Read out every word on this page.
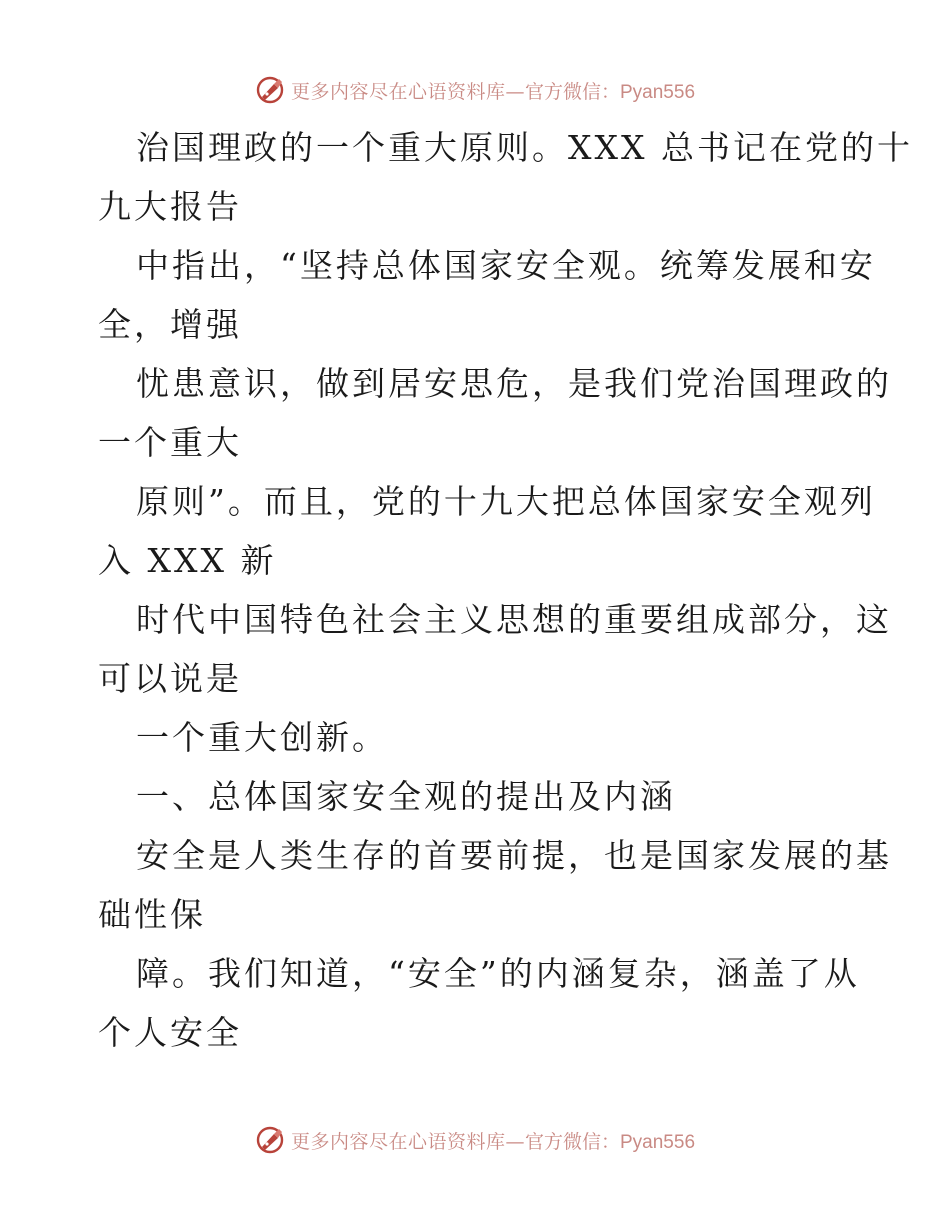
更多内容尽在心语资料库— 官方微信：Pyan556
治国理政的一个重大原则。XXX 总书记在党的十
九大报告
中指出，“坚持总体国家安全观。统筹发展和安
全，增强
忧患意识，做到居安思危，是我们党治国理政的
一个重大
原则”。而且，党的十九大把总体国家安全观列
入 XXX 新
时代中国特色社会主义思想的重要组成部分，这
可以说是
一个重大创新。
一、总体国家安全观的提出及内涵
安全是人类生存的首要前提，也是国家发展的基
础性保
障。我们知道，“安全”的内涵复杂，涵盖了从
个人安全
更多内容尽在心语资料库— 官方微信：Pyan556
